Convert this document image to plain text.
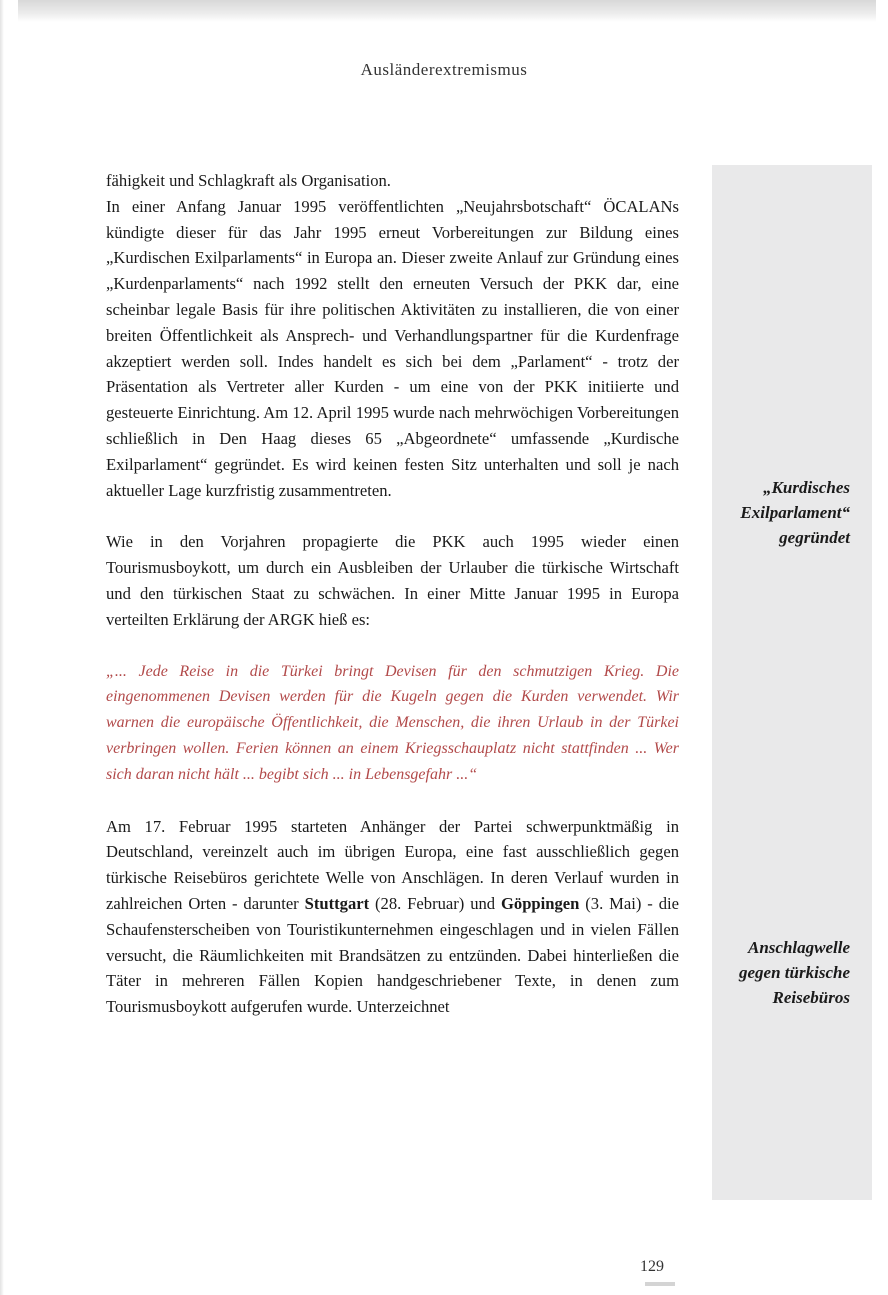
Ausländerextremismus
„Kurdisches Exilparlament“ gegründet
Anschlagwelle gegen türkische Reisebüros

fähigkeit und Schlagkraft als Organisation.

In einer Anfang Januar 1995 veröffentlichten „Neujahrsbotschaft“ ÖCALANs kündigte dieser für das Jahr 1995 erneut Vorbereitungen zur Bildung eines „Kurdischen Exilparlaments“ in Europa an. Dieser zweite Anlauf zur Gründung eines „Kurdenparlaments“ nach 1992 stellt den erneuten Versuch der PKK dar, eine scheinbar legale Basis für ihre politischen Aktivitäten zu installieren, die von einer breiten Öffentlichkeit als Ansprech- und Verhandlungspartner für die Kurdenfrage akzeptiert werden soll. Indes handelt es sich bei dem „Parlament“ - trotz der Präsentation als Vertreter aller Kurden - um eine von der PKK initiierte und gesteuerte Einrichtung. Am 12. April 1995 wurde nach mehrwöchigen Vorbereitungen schließlich in Den Haag dieses 65 „Abgeordnete“ umfassende „Kurdische Exilparlament“ gegründet. Es wird keinen festen Sitz unterhalten und soll je nach aktueller Lage kurzfristig zusammentreten.

Wie in den Vorjahren propagierte die PKK auch 1995 wieder einen Tourismusboykott, um durch ein Ausbleiben der Urlauber die türkische Wirtschaft und den türkischen Staat zu schwächen. In einer Mitte Januar 1995 in Europa verteilten Erklärung der ARGK hieß es:

„... Jede Reise in die Türkei bringt Devisen für den schmutzigen Krieg. Die eingenommenen Devisen werden für die Kugeln gegen die Kurden verwendet. Wir warnen die europäische Öffentlichkeit, die Menschen, die ihren Urlaub in der Türkei verbringen wollen. Ferien können an einem Kriegsschauplatz nicht stattfinden ... Wer sich daran nicht hält ... begibt sich ... in Lebensgefahr ...“

Am 17. Februar 1995 starteten Anhänger der Partei schwerpunktmäßig in Deutschland, vereinzelt auch im übrigen Europa, eine fast ausschließlich gegen türkische Reisebüros gerichtete Welle von Anschlägen. In deren Verlauf wurden in zahlreichen Orten - darunter Stuttgart (28. Februar) und Göppingen (3. Mai) - die Schaufensterscheiben von Touristikunternehmen eingeschlagen und in vielen Fällen versucht, die Räumlichkeiten mit Brandsätzen zu entzünden. Dabei hinterließen die Täter in mehreren Fällen Kopien handgeschriebener Texte, in denen zum Tourismusboykott aufgerufen wurde. Unterzeichnet

129
